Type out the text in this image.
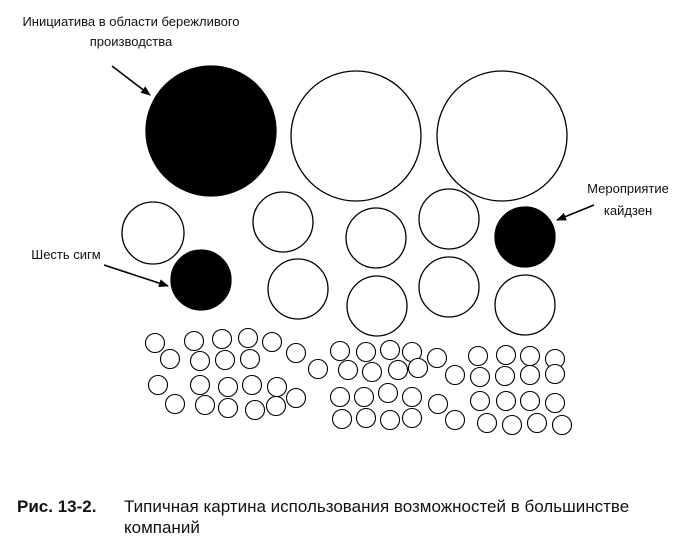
Инициатива в области бережливого
производства
Мероприятие
кайдзен
Шесть сигм
Рис. 13-2. Типичная картина использования возможностей в большинстве компаний
